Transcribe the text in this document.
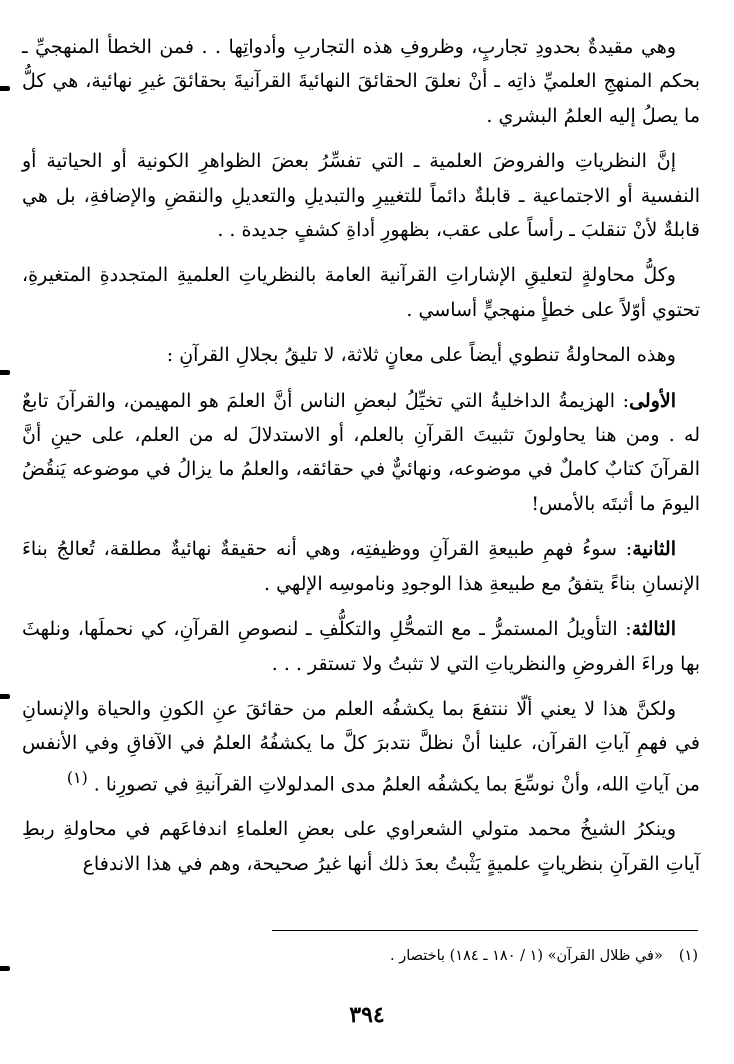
وهي مقيدةٌ بحدودِ تجاربٍ، وظروفِ هذه التجاربِ وأدواتِها . . فمن الخطأ المنهجيِّ ـ بحكم المنهجِ العلميِّ ذاتِه ـ أنْ نعلقَ الحقائقَ النهائيةَ القرآنيةَ بحقائقَ غيرِ نهائية، هي كلُّ ما يصلُ إليه العلمُ البشري .

إنَّ النظرياتِ والفروضَ العلمية ـ التي تفسِّرُ بعضَ الظواهرِ الكونية أو الحياتية أو النفسية أو الاجتماعية ـ قابلةٌ دائماً للتغييرِ والتبديلِ والتعديلِ والنقضِ والإضافةِ، بل هي قابلةٌ لأنْ تنقلبَ ـ رأساً على عقب، بظهورِ أداةِ كشفٍ جديدة . .

وكلُّ محاولةٍ لتعليقِ الإشاراتِ القرآنية العامة بالنظرياتِ العلميةِ المتجددةِ المتغيرةِ، تحتوي أوّلاً على خطأٍ منهجيٍّ أساسي .

وهذه المحاولةُ تنطوي أيضاً على معانٍ ثلاثة، لا تليقُ بجلالِ القرآنِ :

الأولى: الهزيمةُ الداخليةُ التي تخيِّلُ لبعضِ الناس أنَّ العلمَ هو المهيمن، والقرآنَ تابعٌ له . ومن هنا يحاولونَ تثبيتَ القرآنِ بالعلم، أو الاستدلالَ له من العلم، على حينِ أنَّ القرآنَ كتابٌ كاملٌ في موضوعه، ونهائيٌّ في حقائقه، والعلمُ ما يزالُ في موضوعه يَنقُضُ اليومَ ما أثبتَه بالأمس!

الثانية: سوءُ فهمِ طبيعةِ القرآنِ ووظيفتِه، وهي أنه حقيقةٌ نهائيةٌ مطلقة، تُعالجُ بناءَ الإنسانِ بناءً يتفقُ مع طبيعةِ هذا الوجودِ وناموسِه الإلهي .

الثالثة: التأويلُ المستمرُّ ـ مع التمحُّلِ والتكلُّفِ ـ لنصوصِ القرآنِ، كي نحملَها، ونلهثَ بها وراءَ الفروضِ والنظرياتِ التي لا تثبتُ ولا تستقر . . .

ولكنَّ هذا لا يعني ألّا ننتفعَ بما يكشفُه العلم من حقائقَ عنِ الكونِ والحياة والإنسانِ في فهمِ آياتِ القرآن، علينا أنْ نظلَّ نتدبرَ كلَّ ما يكشفُهُ العلمُ في الآفاقِ وفي الأنفس من آياتِ الله، وأنْ نوسِّعَ بما يكشفُه العلمُ مدى المدلولاتِ القرآنيةِ في تصورِنا . $^{(١)}$

وينكرُ الشيخُ محمد متولي الشعراوي على بعضِ العلماءِ اندفاعَهم في محاولةِ ربطِ آياتِ القرآنِ بنظرياتٍ علميةٍ يَثْبتُ بعدَ ذلك أنها غيرُ صحيحة، وهم في هذا الاندفاع

(١)«في ظلال القرآن» (١ / ١٨٠ ـ ١٨٤) باختصار .
٣٩٤
